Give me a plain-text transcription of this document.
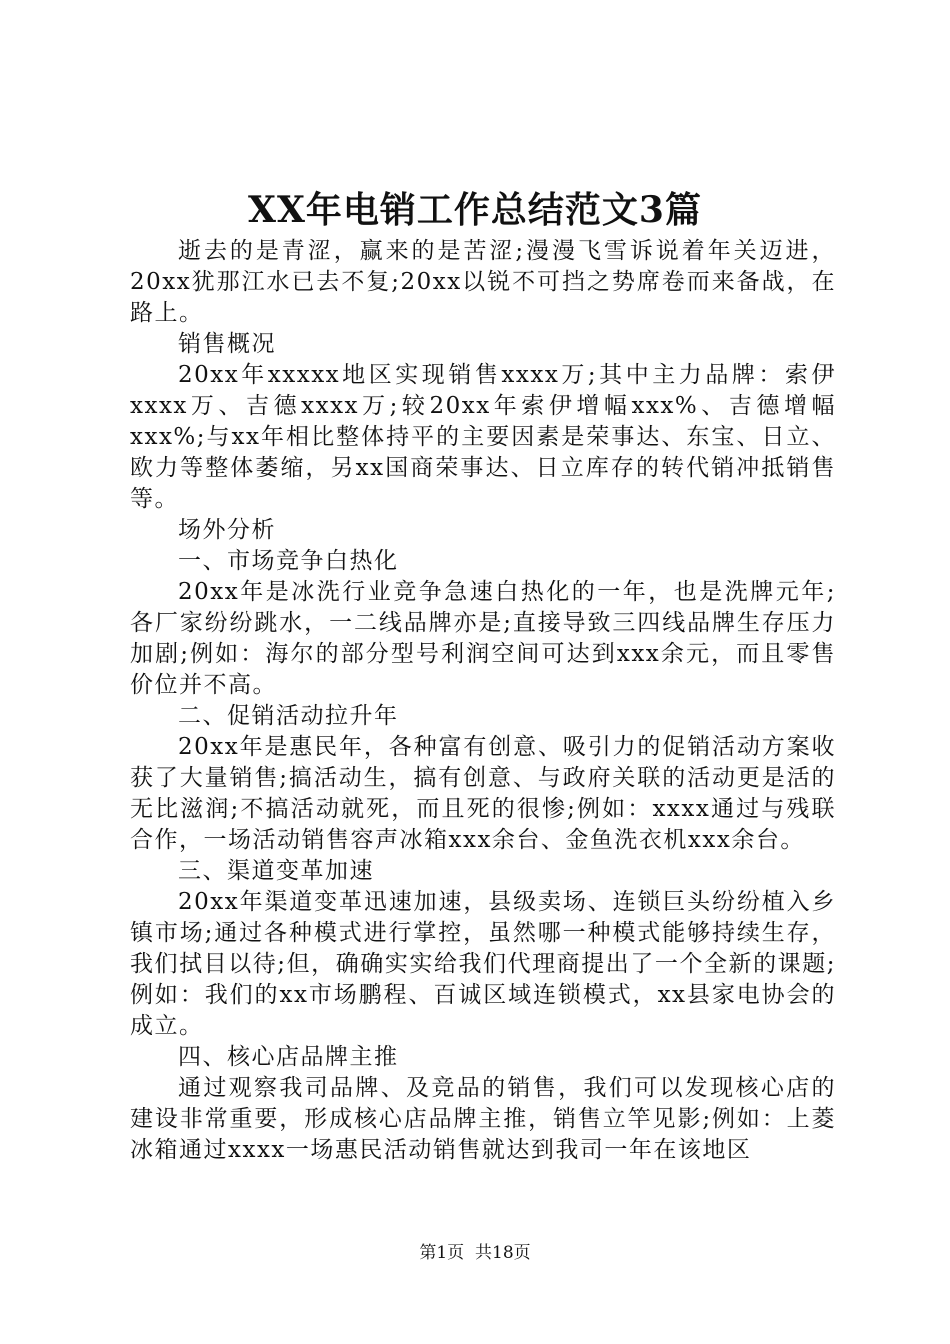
XX年电销工作总结范文3篇

逝去的是青涩，赢来的是苦涩;漫漫飞雪诉说着年关迈进，20xx犹那江水已去不复;20xx以锐不可挡之势席卷而来备战，在路上。

销售概况

20xx年xxxxx地区实现销售xxxx万;其中主力品牌：索伊xxxx万、吉德xxxx万;较20xx年索伊增幅xxx%、吉德增幅xxx%;与xx年相比整体持平的主要因素是荣事达、东宝、日立、欧力等整体萎缩，另xx国商荣事达、日立库存的转代销冲抵销售等。

场外分析

一、市场竞争白热化

20xx年是冰洗行业竞争急速白热化的一年，也是洗牌元年;各厂家纷纷跳水，一二线品牌亦是;直接导致三四线品牌生存压力加剧;例如：海尔的部分型号利润空间可达到xxx余元，而且零售价位并不高。

二、促销活动拉升年

20xx年是惠民年，各种富有创意、吸引力的促销活动方案收获了大量销售;搞活动生，搞有创意、与政府关联的活动更是活的无比滋润;不搞活动就死，而且死的很惨;例如：xxxx通过与残联合作，一场活动销售容声冰箱xxx余台、金鱼洗衣机xxx余台。

三、渠道变革加速

20xx年渠道变革迅速加速，县级卖场、连锁巨头纷纷植入乡镇市场;通过各种模式进行掌控，虽然哪一种模式能够持续生存，我们拭目以待;但，确确实实给我们代理商提出了一个全新的课题;例如：我们的xx市场鹏程、百诚区域连锁模式，xx县家电协会的成立。

四、核心店品牌主推

通过观察我司品牌、及竞品的销售，我们可以发现核心店的建设非常重要，形成核心店品牌主推，销售立竿见影;例如：上菱冰箱通过xxxx一场惠民活动销售就达到我司一年在该地区

第1页 共18页
